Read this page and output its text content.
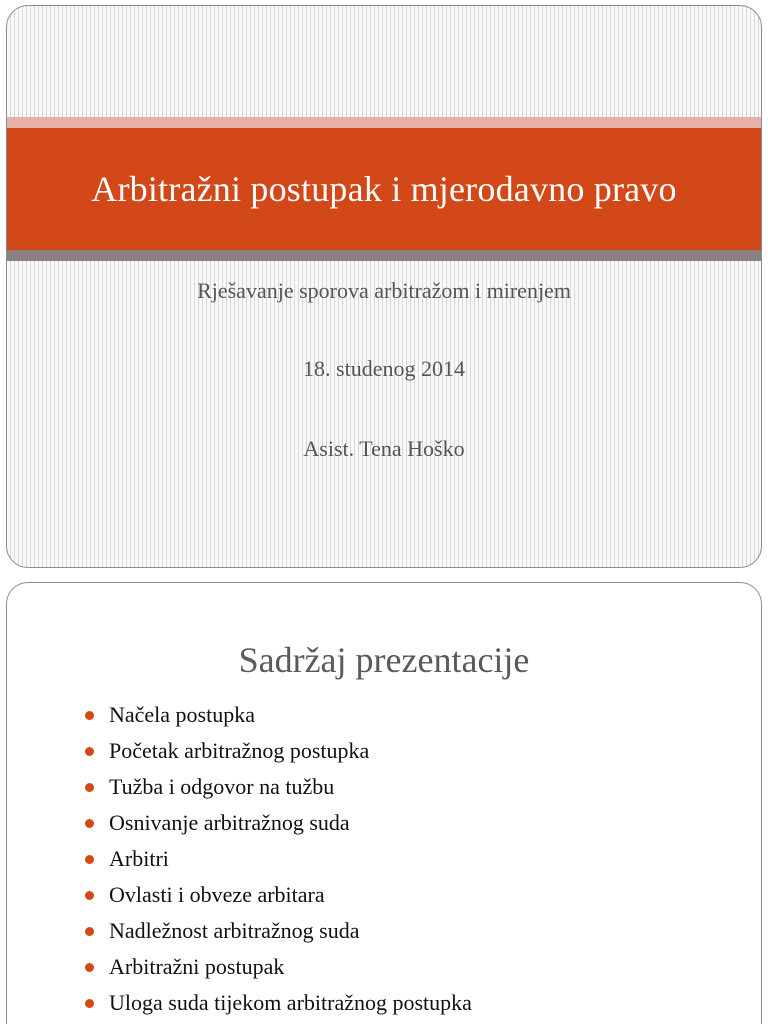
Arbitražni postupak i mjerodavno pravo
Rješavanje sporova arbitražom i mirenjem
18. studenog 2014
Asist. Tena Hoško
Sadržaj prezentacije
Načela postupka
Početak arbitražnog postupka
Tužba i odgovor na tužbu
Osnivanje arbitražnog suda
Arbitri
Ovlasti i obveze arbitara
Nadležnost arbitražnog suda
Arbitražni postupak
Uloga suda tijekom arbitražnog postupka
